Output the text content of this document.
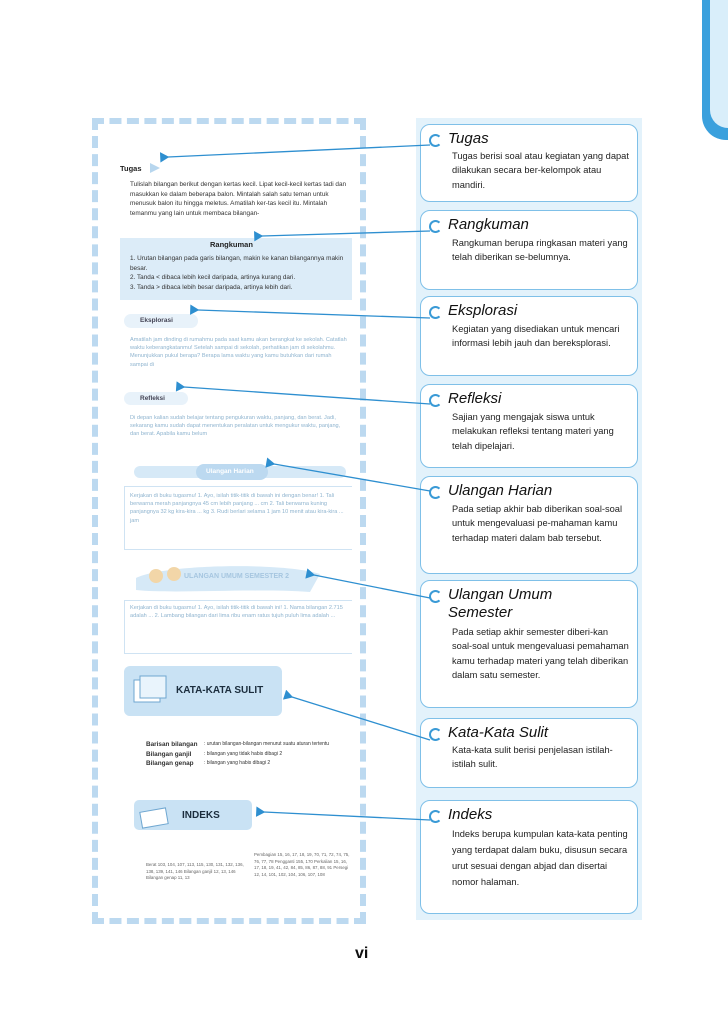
Tugas
Tulislah bilangan berikut dengan kertas kecil. Lipat kecil-kecil kertas tadi dan masukkan ke dalam beberapa balon. Mintalah salah satu teman untuk menusuk balon itu hingga meletus. Amatilah ker-tas kecil itu. Mintalah temanmu yang lain untuk membaca bilangan-
Rangkuman
1. Urutan bilangan pada garis bilangan, makin ke kanan bilangannya makin besar.
2. Tanda < dibaca lebih kecil daripada, artinya kurang dari.
3. Tanda > dibaca lebih besar daripada, artinya lebih dari.
Eksplorasi
Amatilah jam dinding di rumahmu pada saat kamu akan berangkat ke sekolah. Catatlah waktu keberangkatanmu! Setelah sampai di sekolah, perhatikan jam di sekolahmu. Menunjukkan pukul berapa? Berapa lama waktu yang kamu butuhkan dari rumah sampai di
Refleksi
Di depan kalian sudah belajar tentang pengukuran waktu, panjang, dan berat. Jadi, sekarang kamu sudah dapat menentukan peralatan untuk mengukur waktu, panjang, dan berat. Apabila kamu belum
Ulangan Harian
Kerjakan di buku tugasmu! 1. Ayo, isilah titik-titik di bawah ini dengan benar! 1. Tali berwarna merah panjangnya 45 cm lebih panjang ... cm 2. Tali berwarna kuning panjangnya 32 kg kira-kira ... kg 3. Rudi berlari selama 1 jam 10 menit atau kira-kira ... jam
ULANGAN UMUM SEMESTER 2
Kerjakan di buku tugasmu! 1. Ayo, isilah titik-titik di bawah ini! 1. Nama bilangan 2.715 adalah ... 2. Lambang bilangan dari lima ribu enam ratus tujuh puluh lima adalah ...
KATA-KATA SULIT
Barisan bilangan	: urutan bilangan-bilangan menurut suatu aturan tertentu
Bilangan ganjil	: bilangan yang tidak habis dibagi 2
Bilangan genap	: bilangan yang habis dibagi 2
INDEKS
Berat 103, 104, 107, 113, 115, 130, 131, 132, 136, 138, 139, 141, 146 Bilangan ganjil 12, 13, 146 Bilangan genap 11, 13
Pembagian 15, 16, 17, 18, 19, 70, 71, 72, 74, 75, 76, 77, 78 Pengganti 155, 170 Perkalian 15, 16, 17, 18, 19, 41, 42, 84, 85, 86, 87, 88, 91 Persegi 12, 14, 101, 102, 104, 106, 107, 108
Tugas
Tugas berisi soal atau kegiatan yang dapat dilakukan secara ber-kelompok atau mandiri.
Rangkuman
Rangkuman berupa ringkasan materi yang telah diberikan se-belumnya.
Eksplorasi
Kegiatan yang disediakan untuk mencari informasi lebih jauh dan bereksplorasi.
Refleksi
Sajian yang mengajak siswa untuk melakukan refleksi tentang materi yang telah dipelajari.
Ulangan Harian
Pada setiap akhir bab diberikan soal-soal untuk mengevaluasi pe-mahaman kamu terhadap materi dalam bab tersebut.
Ulangan Umum Semester
Pada setiap akhir semester diberi-kan soal-soal untuk mengevaluasi pemahaman kamu terhadap materi yang telah diberikan dalam satu semester.
Kata-Kata Sulit
Kata-kata sulit berisi penjelasan istilah-istilah sulit.
Indeks
Indeks berupa kumpulan kata-kata penting yang terdapat dalam buku, disusun secara urut sesuai dengan abjad dan disertai nomor halaman.
vi
